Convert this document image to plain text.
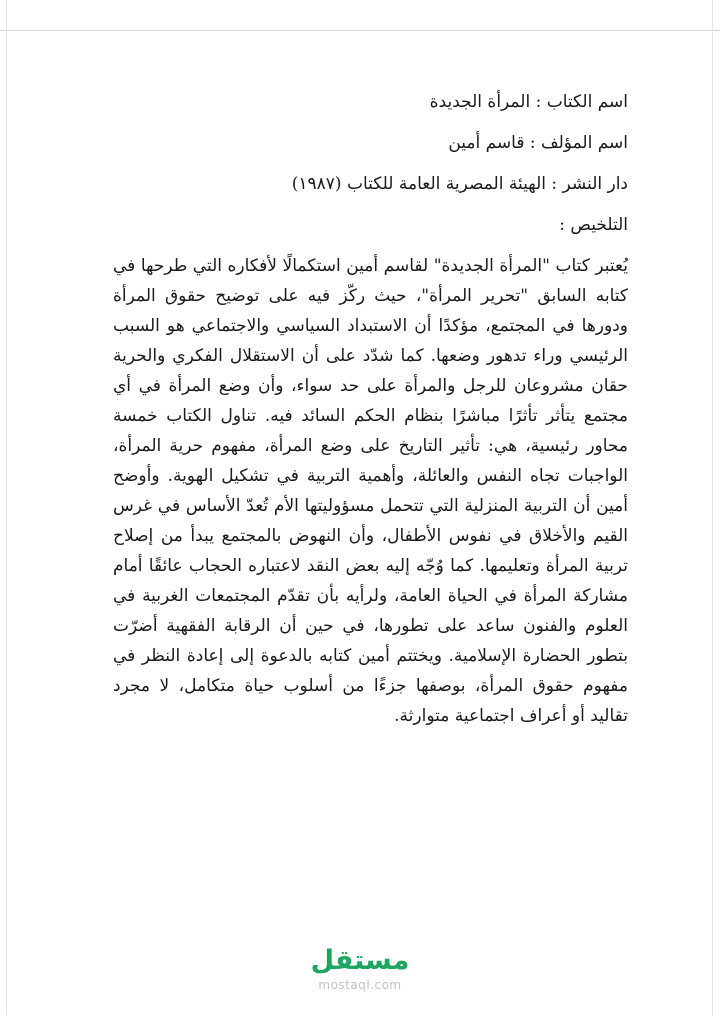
اسم الكتاب : المرأة الجديدة

اسم المؤلف : قاسم أمين

دار النشر : الهيئة المصرية العامة للكتاب (١٩٨٧)

التلخيص :

يُعتبر كتاب "المرأة الجديدة" لقاسم أمين استكمالًا لأفكاره التي طرحها في كتابه السابق "تحرير المرأة"، حيث ركّز فيه على توضيح حقوق المرأة ودورها في المجتمع، مؤكدًا أن الاستبداد السياسي والاجتماعي هو السبب الرئيسي وراء تدهور وضعها. كما شدّد على أن الاستقلال الفكري والحرية حقان مشروعان للرجل والمرأة على حد سواء، وأن وضع المرأة في أي مجتمع يتأثر تأثرًا مباشرًا بنظام الحكم السائد فيه. تناول الكتاب خمسة محاور رئيسية، هي: تأثير التاريخ على وضع المرأة، مفهوم حرية المرأة، الواجبات تجاه النفس والعائلة، وأهمية التربية في تشكيل الهوية. وأوضح أمين أن التربية المنزلية التي تتحمل مسؤوليتها الأم تُعدّ الأساس في غرس القيم والأخلاق في نفوس الأطفال، وأن النهوض بالمجتمع يبدأ من إصلاح تربية المرأة وتعليمها. كما وُجّه إليه بعض النقد لاعتباره الحجاب عائقًا أمام مشاركة المرأة في الحياة العامة، ولرأيه بأن تقدّم المجتمعات الغربية في العلوم والفنون ساعد على تطورها، في حين أن الرقابة الفقهية أضرّت بتطور الحضارة الإسلامية. ويختتم أمين كتابه بالدعوة إلى إعادة النظر في مفهوم حقوق المرأة، بوصفها جزءًا من أسلوب حياة متكامل، لا مجرد تقاليد أو أعراف اجتماعية متوارثة.

مستقل
mostaql.com
